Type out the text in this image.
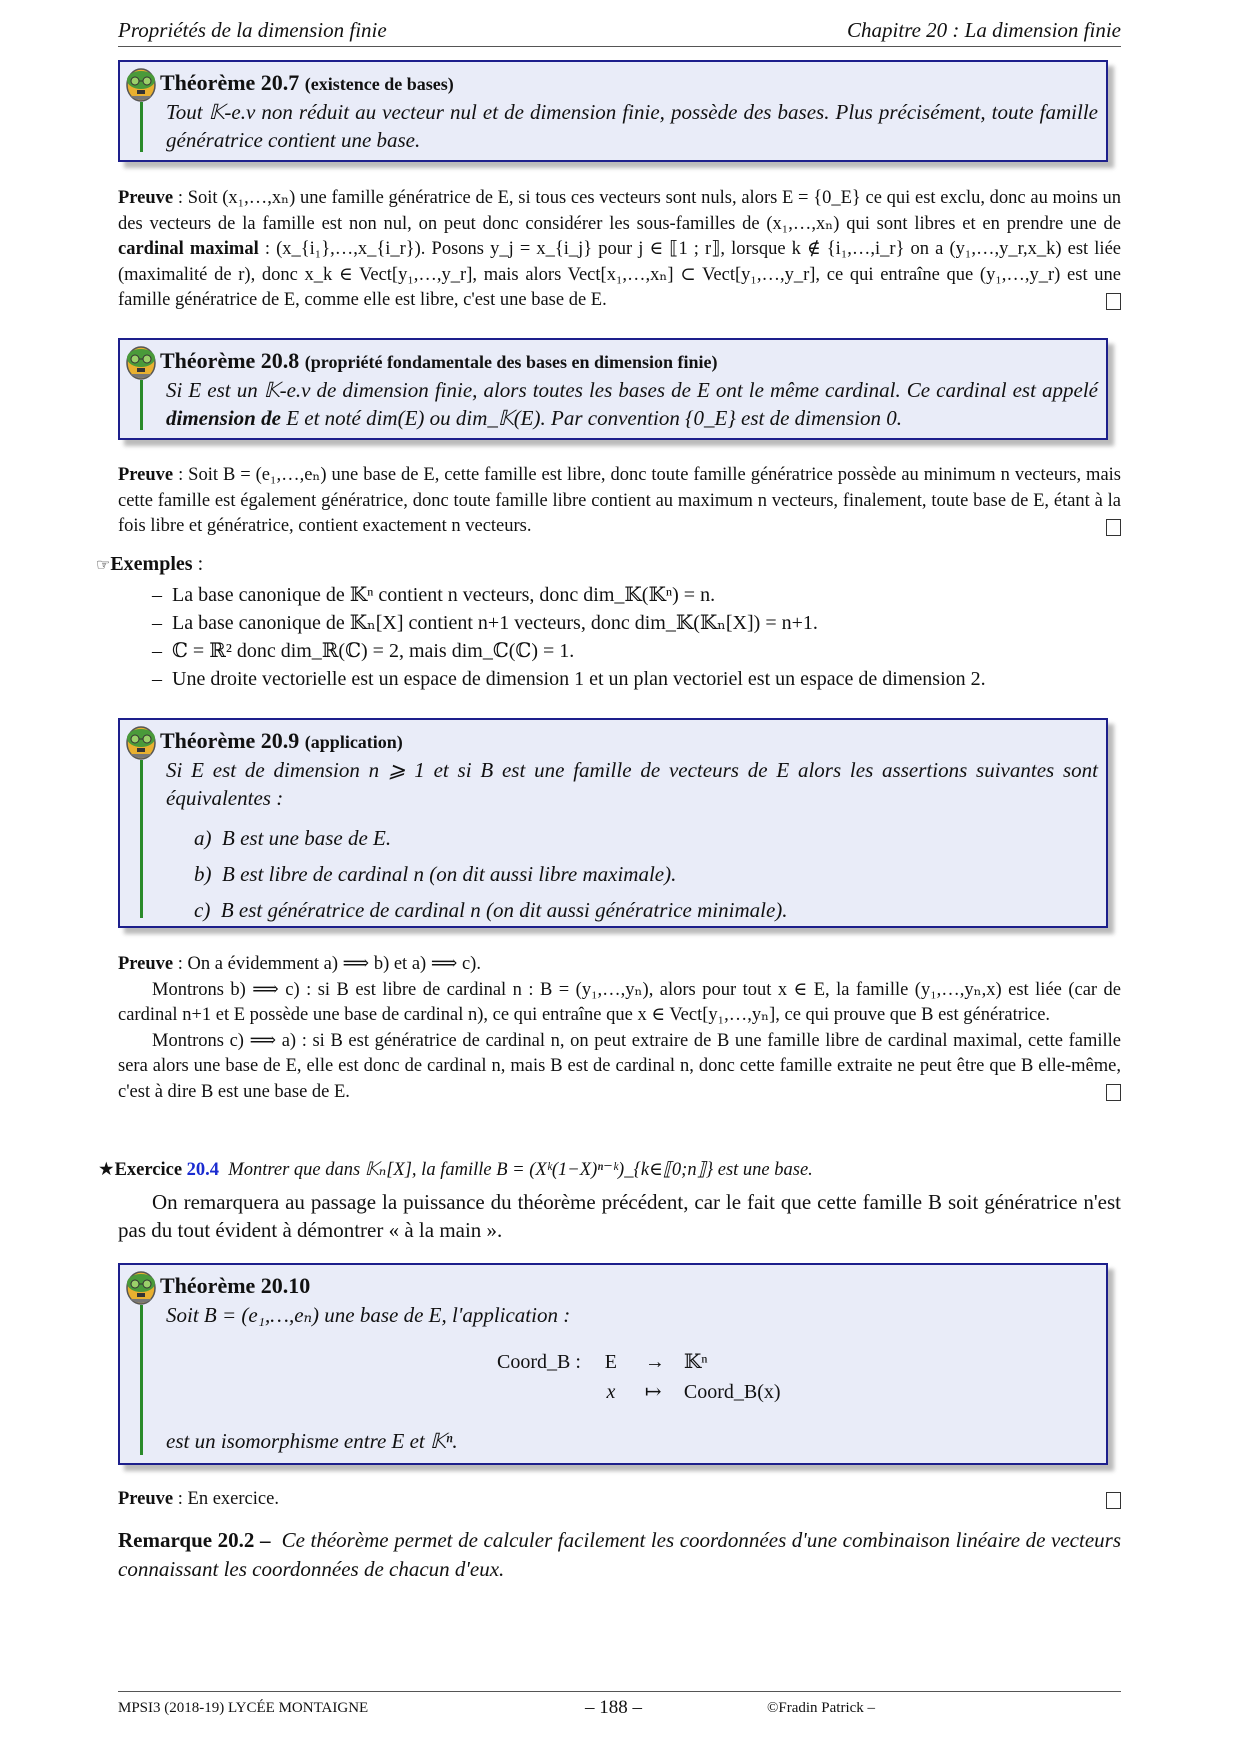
Propriétés de la dimension finie	Chapitre 20 : La dimension finie
Théorème 20.7 (existence de bases)
Tout 𝕂-e.v non réduit au vecteur nul et de dimension finie, possède des bases. Plus précisément, toute famille génératrice contient une base.
Preuve : Soit (x₁,…,xₙ) une famille génératrice de E, si tous ces vecteurs sont nuls, alors E = {0_E} ce qui est exclu, donc au moins un des vecteurs de la famille est non nul, on peut donc considérer les sous-familles de (x₁,…,xₙ) qui sont libres et en prendre une de cardinal maximal : (x_{i₁},…,x_{i_r}). Posons y_j = x_{i_j} pour j ∈ ⟦1 ; r⟧, lorsque k ∉ {i₁,…,i_r} on a (y₁,…,y_r,x_k) est liée (maximalité de r), donc x_k ∈ Vect[y₁,…,y_r], mais alors Vect[x₁,…,xₙ] ⊂ Vect[y₁,…,y_r], ce qui entraîne que (y₁,…,y_r) est une famille génératrice de E, comme elle est libre, c'est une base de E.
Théorème 20.8 (propriété fondamentale des bases en dimension finie)
Si E est un 𝕂-e.v de dimension finie, alors toutes les bases de E ont le même cardinal. Ce cardinal est appelé dimension de E et noté dim(E) ou dim_𝕂(E). Par convention {0_E} est de dimension 0.
Preuve : Soit B = (e₁,…,eₙ) une base de E, cette famille est libre, donc toute famille génératrice possède au minimum n vecteurs, mais cette famille est également génératrice, donc toute famille libre contient au maximum n vecteurs, finalement, toute base de E, étant à la fois libre et génératrice, contient exactement n vecteurs.
☞Exemples :
–  La base canonique de 𝕂ⁿ contient n vecteurs, donc dim_𝕂(𝕂ⁿ) = n.
–  La base canonique de 𝕂ₙ[X] contient n+1 vecteurs, donc dim_𝕂(𝕂ₙ[X]) = n+1.
–  ℂ = ℝ² donc dim_ℝ(ℂ) = 2, mais dim_ℂ(ℂ) = 1.
–  Une droite vectorielle est un espace de dimension 1 et un plan vectoriel est un espace de dimension 2.
Théorème 20.9 (application)
Si E est de dimension n ⩾ 1 et si B est une famille de vecteurs de E alors les assertions suivantes sont équivalentes :
a) B est une base de E.
b) B est libre de cardinal n (on dit aussi libre maximale).
c) B est génératrice de cardinal n (on dit aussi génératrice minimale).
Preuve : On a évidemment a) ⟹ b) et a) ⟹ c).
Montrons b) ⟹ c) : si B est libre de cardinal n : B = (y₁,…,yₙ), alors pour tout x ∈ E, la famille (y₁,…,yₙ,x) est liée (car de cardinal n+1 et E possède une base de cardinal n), ce qui entraîne que x ∈ Vect[y₁,…,yₙ], ce qui prouve que B est génératrice.
Montrons c) ⟹ a) : si B est génératrice de cardinal n, on peut extraire de B une famille libre de cardinal maximal, cette famille sera alors une base de E, elle est donc de cardinal n, mais B est de cardinal n, donc cette famille extraite ne peut être que B elle-même, c'est à dire B est une base de E.
★Exercice 20.4 Montrer que dans 𝕂ₙ[X], la famille B = (Xᵏ(1−X)ⁿ⁻ᵏ)_{k∈⟦0;n⟧} est une base.
On remarquera au passage la puissance du théorème précédent, car le fait que cette famille B soit génératrice n'est pas du tout évident à démontrer « à la main ».
Théorème 20.10
Soit B = (e₁,…,eₙ) une base de E, l'application :
Coord_B :	E	→	𝕂ⁿ
	x	↦	Coord_B(x)
est un isomorphisme entre E et 𝕂ⁿ.
Preuve : En exercice.
Remarque 20.2 – Ce théorème permet de calculer facilement les coordonnées d'une combinaison linéaire de vecteurs connaissant les coordonnées de chacun d'eux.
MPSI3 (2018-19) LYCÉE MONTAIGNE	– 188 –	©Fradin Patrick –
